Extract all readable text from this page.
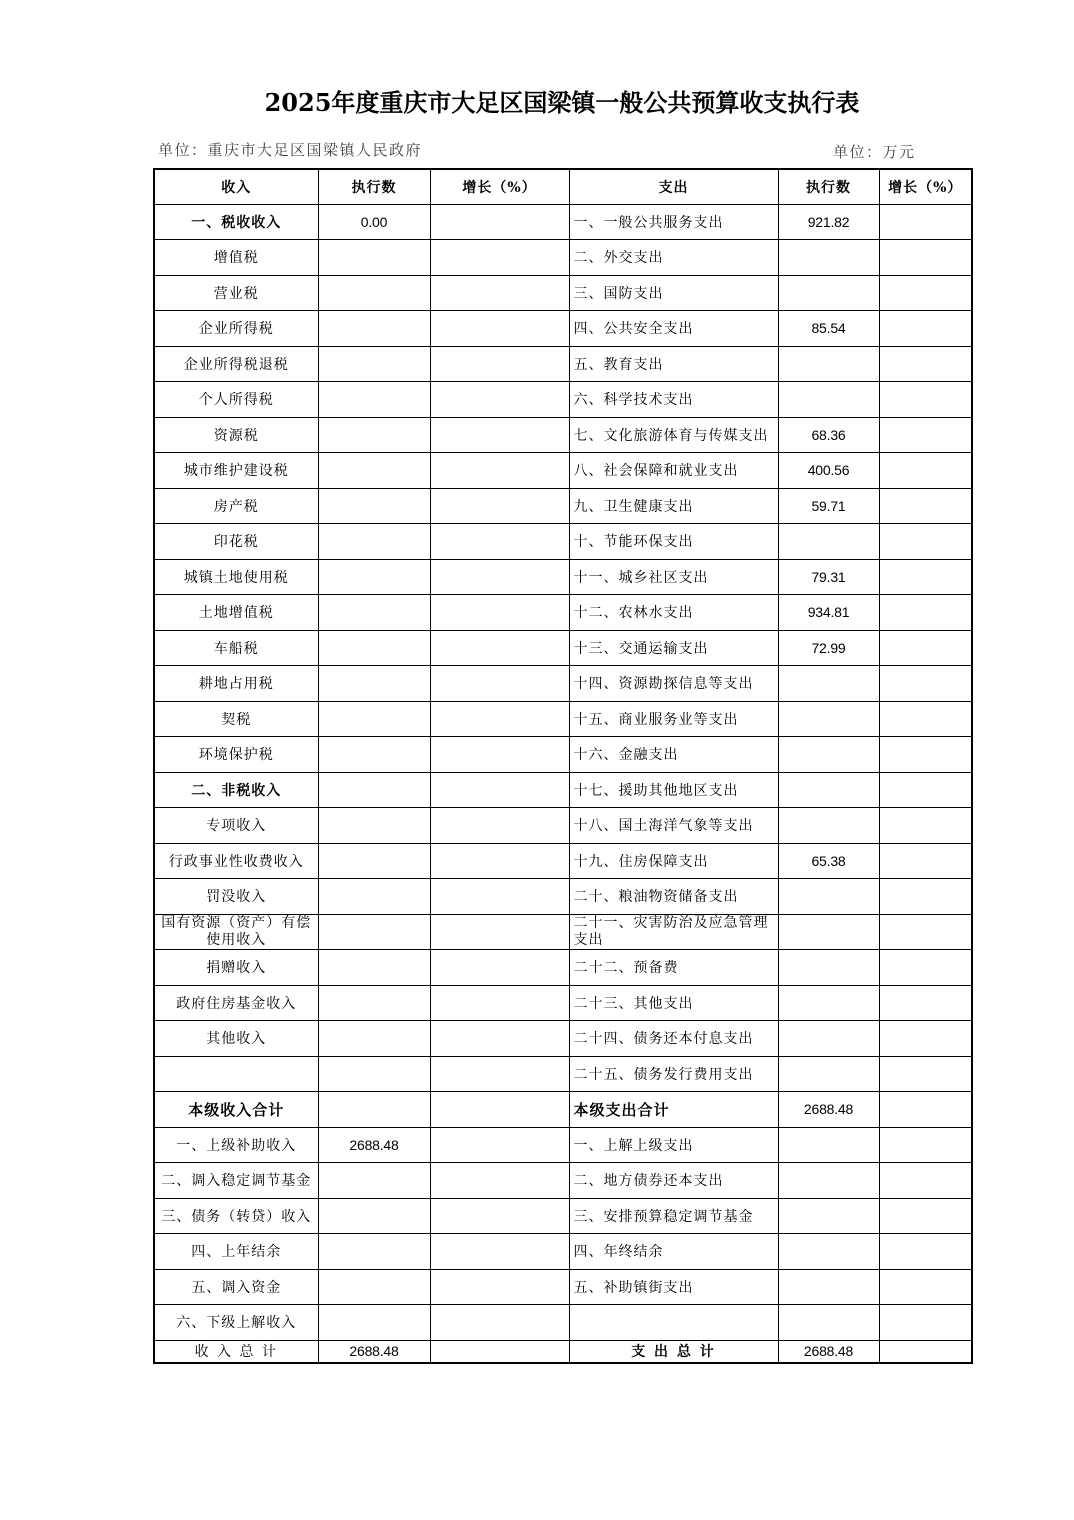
2025年度重庆市大足区国梁镇一般公共预算收支执行表
单位：重庆市大足区国梁镇人民政府	单位：万元
收入	执行数	增长（%）	支出	执行数	增长（%）
一、税收收入	0.00		一、一般公共服务支出	921.82	
增值税			二、外交支出		
营业税			三、国防支出		
企业所得税			四、公共安全支出	85.54	
企业所得税退税			五、教育支出		
个人所得税			六、科学技术支出		
资源税			七、文化旅游体育与传媒支出	68.36	
城市维护建设税			八、社会保障和就业支出	400.56	
房产税			九、卫生健康支出	59.71	
印花税			十、节能环保支出		
城镇土地使用税			十一、城乡社区支出	79.31	
土地增值税			十二、农林水支出	934.81	
车船税			十三、交通运输支出	72.99	
耕地占用税			十四、资源勘探信息等支出		
契税			十五、商业服务业等支出		
环境保护税			十六、金融支出		
二、非税收入			十七、援助其他地区支出		
专项收入			十八、国土海洋气象等支出		
行政事业性收费收入			十九、住房保障支出	65.38	
罚没收入			二十、粮油物资储备支出		
国有资源（资产）有偿使用收入			二十一、灾害防治及应急管理支出		
捐赠收入			二十二、预备费		
政府住房基金收入			二十三、其他支出		
其他收入			二十四、债务还本付息支出		
			二十五、债务发行费用支出		
本级收入合计			本级支出合计	2688.48	
一、上级补助收入	2688.48		一、上解上级支出		
二、调入稳定调节基金			二、地方债券还本支出		
三、债务（转贷）收入			三、安排预算稳定调节基金		
四、上年结余			四、年终结余		
五、调入资金			五、补助镇街支出		
六、下级上解收入					
收 入 总 计	2688.48		支 出 总 计	2688.48	
